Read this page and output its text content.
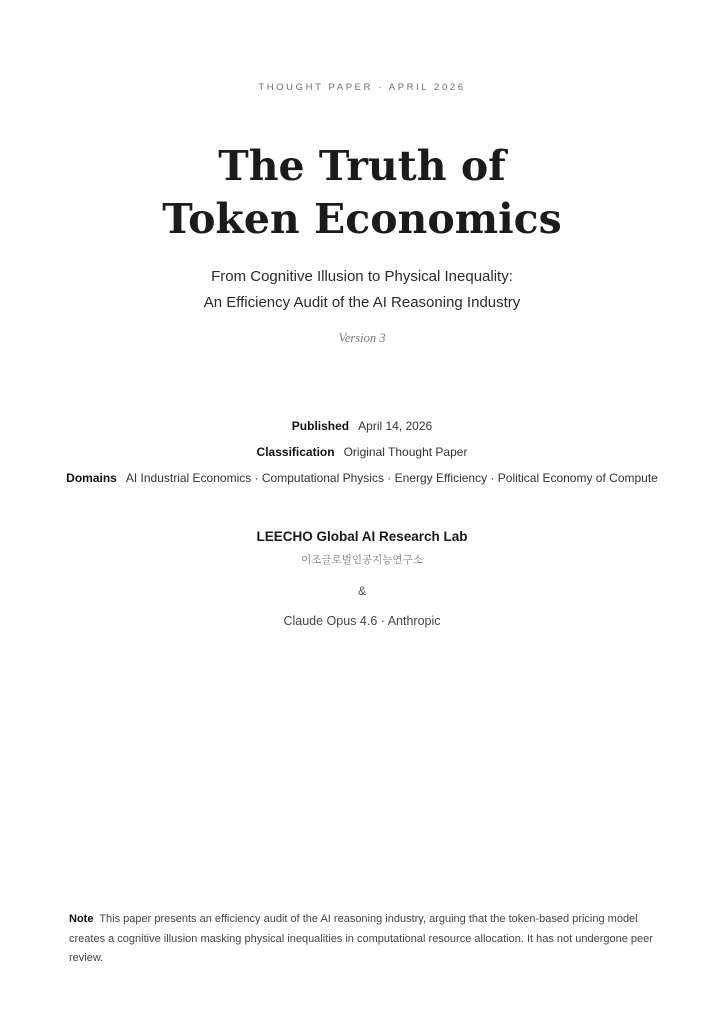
THOUGHT PAPER · APRIL 2026
The Truth of
Token Economics
From Cognitive Illusion to Physical Inequality:
An Efficiency Audit of the AI Reasoning Industry
Version 3
Published April 14, 2026
Classification Original Thought Paper
Domains AI Industrial Economics · Computational Physics · Energy Efficiency · Political Economy of Compute
LEECHO Global AI Research Lab
이조글로벌인공지능연구소
&
Claude Opus 4.6 · Anthropic
Note This paper presents an efficiency audit of the AI reasoning industry, arguing that the token-based pricing model creates a cognitive illusion masking physical inequalities in computational resource allocation. It has not undergone peer review.
